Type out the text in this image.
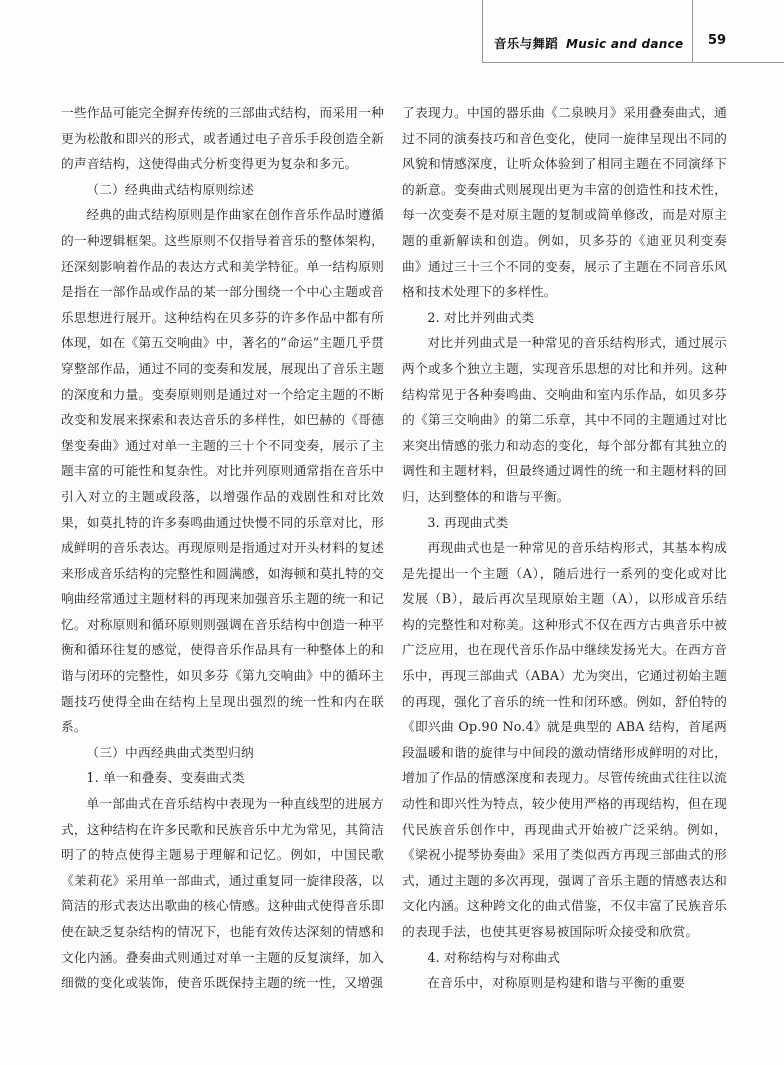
音乐与舞蹈 Music and dance 59

一些作品可能完全摒弃传统的三部曲式结构，而采用一种更为松散和即兴的形式，或者通过电子音乐手段创造全新的声音结构，这使得曲式分析变得更为复杂和多元。

（二）经典曲式结构原则综述

经典的曲式结构原则是作曲家在创作音乐作品时遵循的一种逻辑框架。这些原则不仅指导着音乐的整体架构，还深刻影响着作品的表达方式和美学特征。单一结构原则是指在一部作品或作品的某一部分围绕一个中心主题或音乐思想进行展开。这种结构在贝多芬的许多作品中都有所体现，如在《第五交响曲》中，著名的“命运”主题几乎贯穿整部作品，通过不同的变奏和发展，展现出了音乐主题的深度和力量。变奏原则则是通过对一个给定主题的不断改变和发展来探索和表达音乐的多样性，如巴赫的《哥德堡变奏曲》通过对单一主题的三十个不同变奏，展示了主题丰富的可能性和复杂性。对比并列原则通常指在音乐中引入对立的主题或段落，以增强作品的戏剧性和对比效果，如莫扎特的许多奏鸣曲通过快慢不同的乐章对比，形成鲜明的音乐表达。再现原则是指通过对开头材料的复述来形成音乐结构的完整性和圆满感，如海顿和莫扎特的交响曲经常通过主题材料的再现来加强音乐主题的统一和记忆。对称原则和循环原则则强调在音乐结构中创造一种平衡和循环往复的感觉，使得音乐作品具有一种整体上的和谐与闭环的完整性，如贝多芬《第九交响曲》中的循环主题技巧使得全曲在结构上呈现出强烈的统一性和内在联系。

（三）中西经典曲式类型归纳
1. 单一和叠奏、变奏曲式类

单一部曲式在音乐结构中表现为一种直线型的进展方式，这种结构在许多民歌和民族音乐中尤为常见，其简洁明了的特点使得主题易于理解和记忆。例如，中国民歌《茉莉花》采用单一部曲式，通过重复同一旋律段落，以简洁的形式表达出歌曲的核心情感。这种曲式使得音乐即使在缺乏复杂结构的情况下，也能有效传达深刻的情感和文化内涵。叠奏曲式则通过对单一主题的反复演绎，加入细微的变化或装饰，使音乐既保持主题的统一性，又增强

了表现力。中国的器乐曲《二泉映月》采用叠奏曲式，通过不同的演奏技巧和音色变化，使同一旋律呈现出不同的风貌和情感深度，让听众体验到了相同主题在不同演绎下的新意。变奏曲式则展现出更为丰富的创造性和技术性，每一次变奏不是对原主题的复制或简单修改，而是对原主题的重新解读和创造。例如，贝多芬的《迪亚贝利变奏曲》通过三十三个不同的变奏，展示了主题在不同音乐风格和技术处理下的多样性。

2. 对比并列曲式类

对比并列曲式是一种常见的音乐结构形式，通过展示两个或多个独立主题，实现音乐思想的对比和并列。这种结构常见于各种奏鸣曲、交响曲和室内乐作品，如贝多芬的《第三交响曲》的第二乐章，其中不同的主题通过对比来突出情感的张力和动态的变化，每个部分都有其独立的调性和主题材料，但最终通过调性的统一和主题材料的回归，达到整体的和谐与平衡。

3. 再现曲式类

再现曲式也是一种常见的音乐结构形式，其基本构成是先提出一个主题（A），随后进行一系列的变化或对比发展（B），最后再次呈现原始主题（A），以形成音乐结构的完整性和对称美。这种形式不仅在西方古典音乐中被广泛应用，也在现代音乐作品中继续发扬光大。在西方音乐中，再现三部曲式（ABA）尤为突出，它通过初始主题的再现，强化了音乐的统一性和闭环感。例如，舒伯特的《即兴曲 Op.90 No.4》就是典型的 ABA 结构，首尾两段温暖和谐的旋律与中间段的激动情绪形成鲜明的对比，增加了作品的情感深度和表现力。尽管传统曲式往往以流动性和即兴性为特点，较少使用严格的再现结构，但在现代民族音乐创作中，再现曲式开始被广泛采纳。例如，《梁祝小提琴协奏曲》采用了类似西方再现三部曲式的形式，通过主题的多次再现，强调了音乐主题的情感表达和文化内涵。这种跨文化的曲式借鉴，不仅丰富了民族音乐的表现手法，也使其更容易被国际听众接受和欣赏。

4. 对称结构与对称曲式

在音乐中，对称原则是构建和谐与平衡的重要
